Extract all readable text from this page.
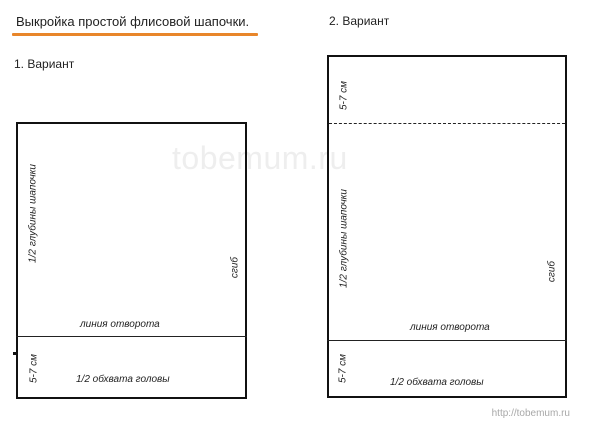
Выкройка простой флисовой шапочки.
tobemum.ru
1. Вариант
1/2 глубины шапочки
сгиб
линия отворота
5-7 см	1/2 обхвата головы
2. Вариант
5-7 см
1/2 глубины шапочки	сгиб
линия отворота
5-7 см	1/2 обхвата головы
http://tobemum.ru
